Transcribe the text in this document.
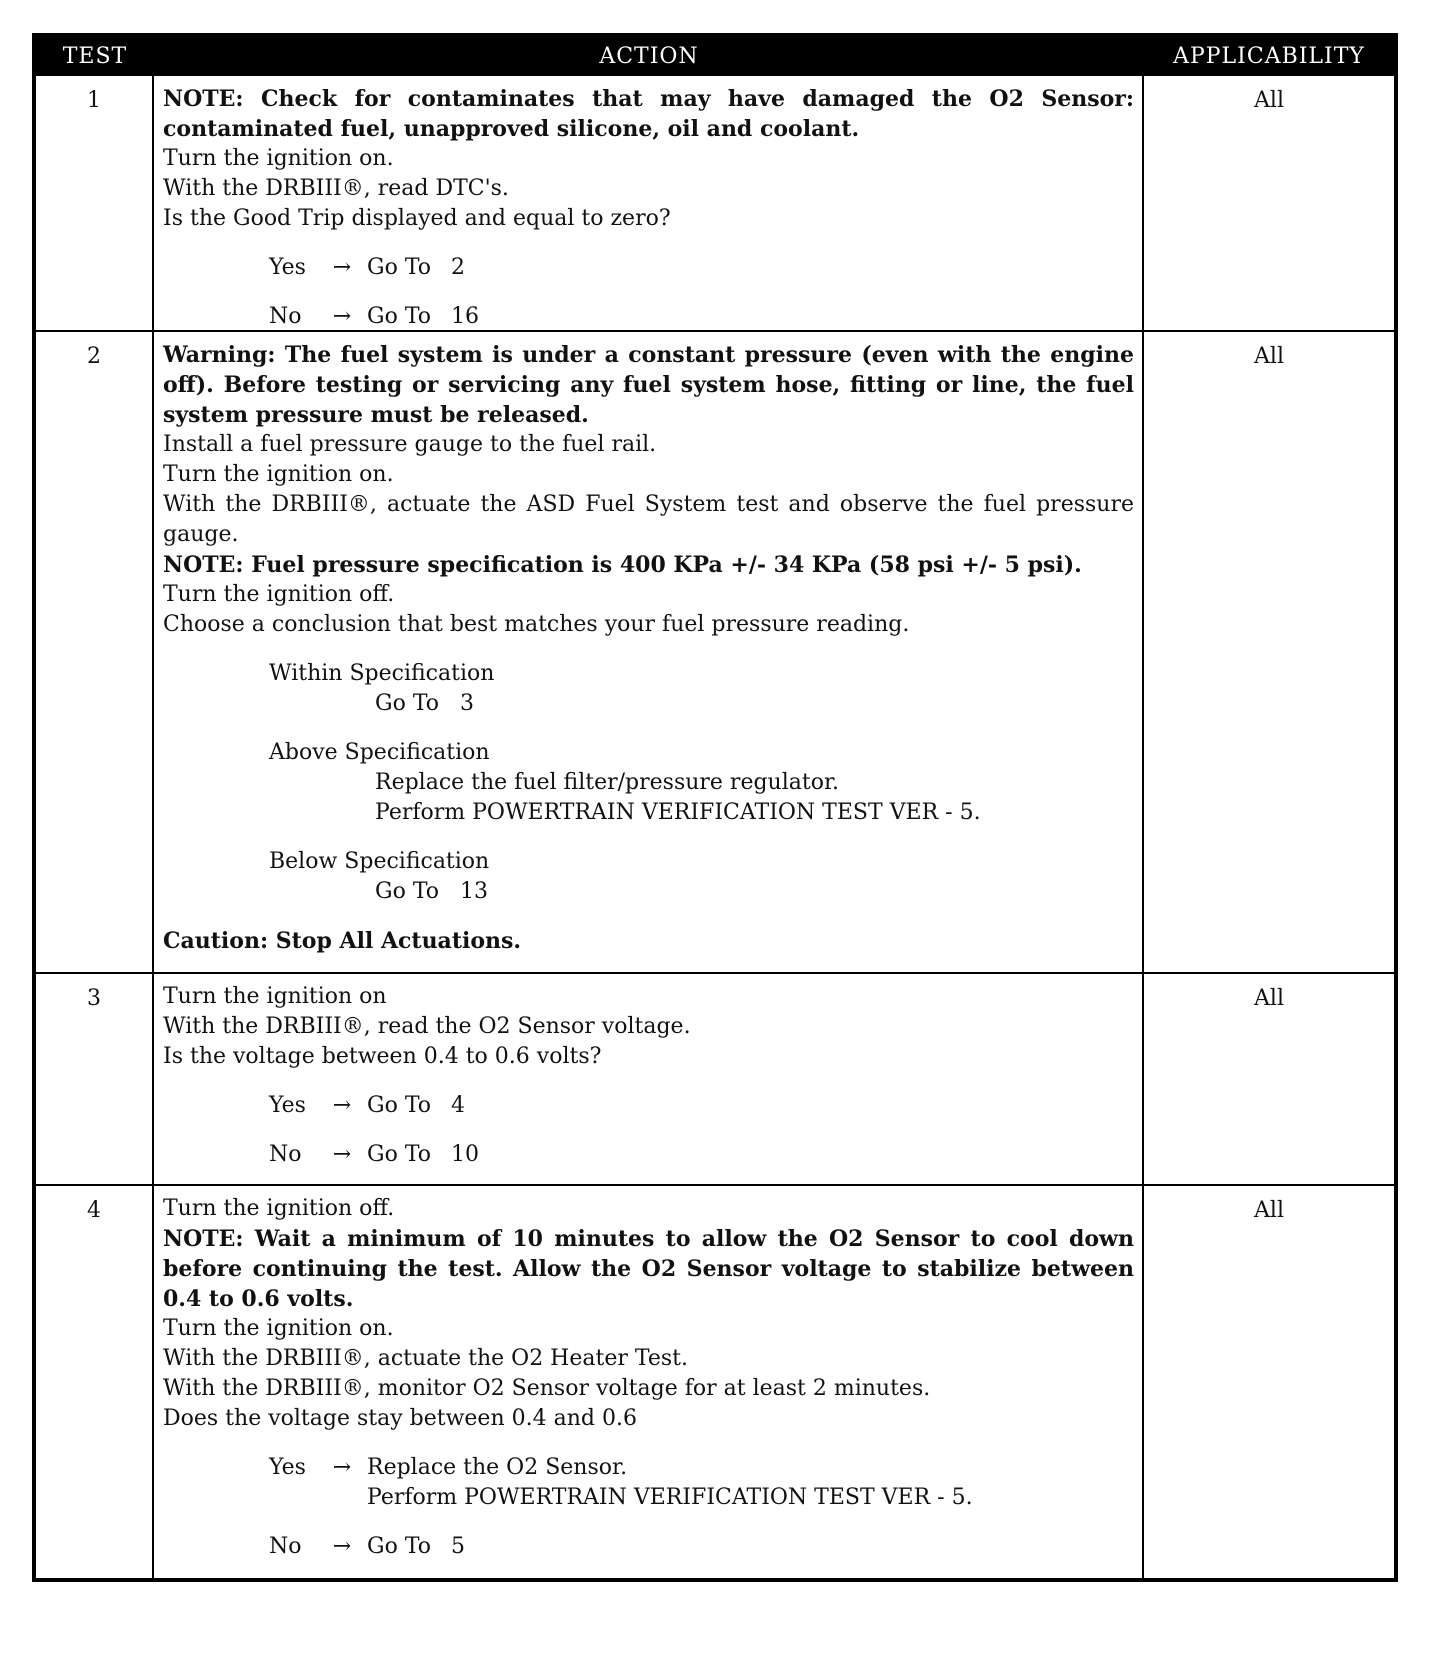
TEST	ACTION	APPLICABILITY
1	NOTE: Check for contaminates that may have damaged the O2 Sensor: contaminated fuel, unapproved silicone, oil and coolant.

Turn the ignition on.
With the DRBIII®, read DTC's.
Is the Good Trip displayed and equal to zero?
Yes	→ Go To 2
No	→ Go To 16
All
2	Warning: The fuel system is under a constant pressure (even with the engine off). Before testing or servicing any fuel system hose, fitting or line, the fuel system pressure must be released.

Install a fuel pressure gauge to the fuel rail.
Turn the ignition on.
With the DRBIII®, actuate the ASD Fuel System test and observe the fuel pressure gauge.
NOTE: Fuel pressure specification is 400 KPa +/- 34 KPa (58 psi +/- 5 psi).
Turn the ignition off.
Choose a conclusion that best matches your fuel pressure reading.
Within Specification
Go To   3
Above Specification
Replace the fuel filter/pressure regulator.
Perform POWERTRAIN VERIFICATION TEST VER - 5.
Below Specification
Go To   13
Caution: Stop All Actuations.
All
3	Turn the ignition on
With the DRBIII®, read the O2 Sensor voltage.
Is the voltage between 0.4 to 0.6 volts?
Yes	→ Go To 4
No	→ Go To 10
All
4	Turn the ignition off.

NOTE: Wait a minimum of 10 minutes to allow the O2 Sensor to cool down before continuing the test. Allow the O2 Sensor voltage to stabilize between 0.4 to 0.6 volts.

Turn the ignition on.
With the DRBIII®, actuate the O2 Heater Test.
With the DRBIII®, monitor O2 Sensor voltage for at least 2 minutes.
Does the voltage stay between 0.4 and 0.6
Yes	→ Replace the O2 Sensor.
Perform POWERTRAIN VERIFICATION TEST VER - 5.
No	→ Go To 5
All
